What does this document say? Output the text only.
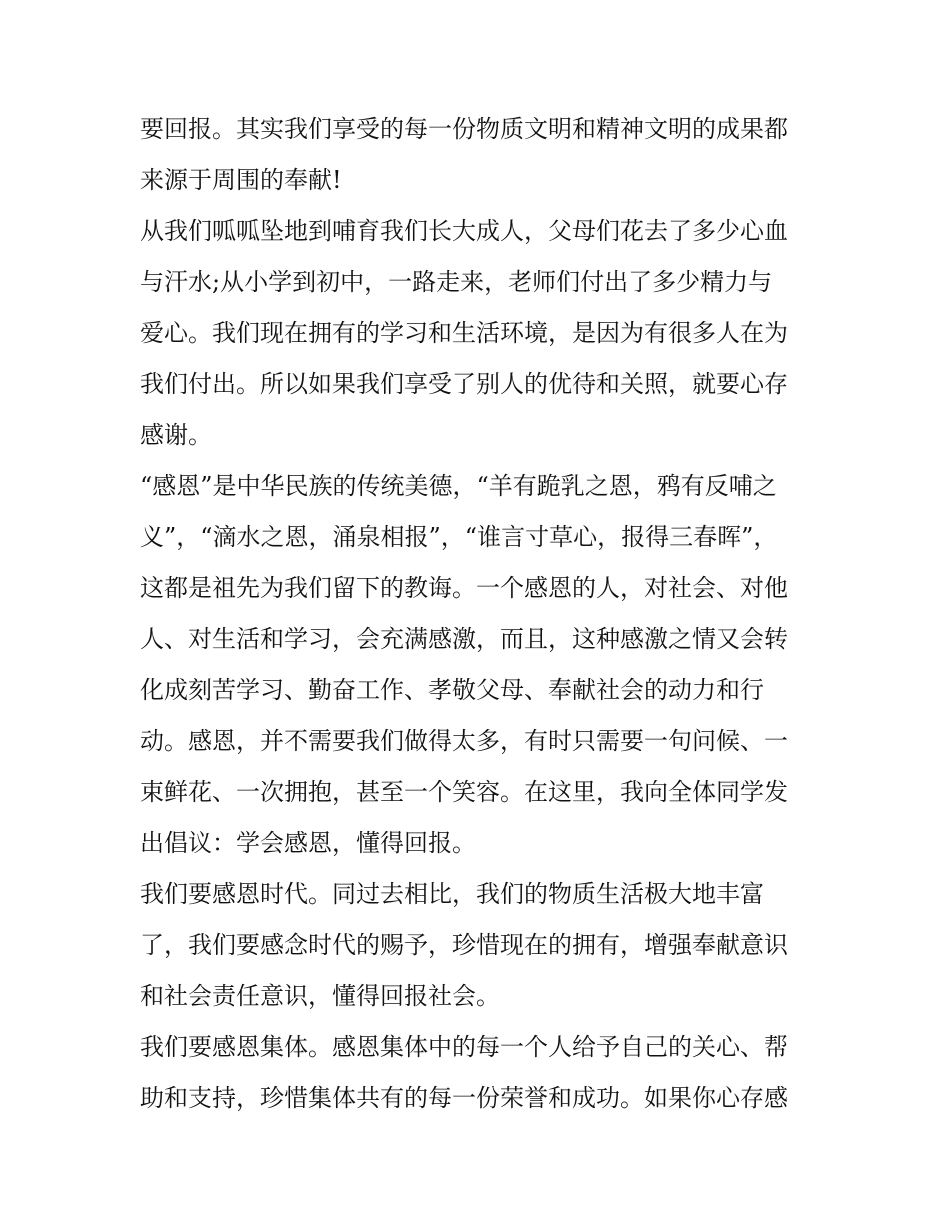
要回报。其实我们享受的每一份物质文明和精神文明的成果都
来源于周围的奉献!

从我们呱呱坠地到哺育我们长大成人，父母们花去了多少心血
与汗水;从小学到初中，一路走来，老师们付出了多少精力与
爱心。我们现在拥有的学习和生活环境，是因为有很多人在为
我们付出。所以如果我们享受了别人的优待和关照，就要心存
感谢。

“感恩”是中华民族的传统美德，“羊有跪乳之恩，鸦有反哺之
义”，“滴水之恩，涌泉相报”，“谁言寸草心，报得三春晖”，
这都是祖先为我们留下的教诲。一个感恩的人，对社会、对他
人、对生活和学习，会充满感激，而且，这种感激之情又会转
化成刻苦学习、勤奋工作、孝敬父母、奉献社会的动力和行
动。感恩，并不需要我们做得太多，有时只需要一句问候、一
束鲜花、一次拥抱，甚至一个笑容。在这里，我向全体同学发
出倡议：学会感恩，懂得回报。

我们要感恩时代。同过去相比，我们的物质生活极大地丰富
了，我们要感念时代的赐予，珍惜现在的拥有，增强奉献意识
和社会责任意识，懂得回报社会。

我们要感恩集体。感恩集体中的每一个人给予自己的关心、帮
助和支持，珍惜集体共有的每一份荣誉和成功。如果你心存感
